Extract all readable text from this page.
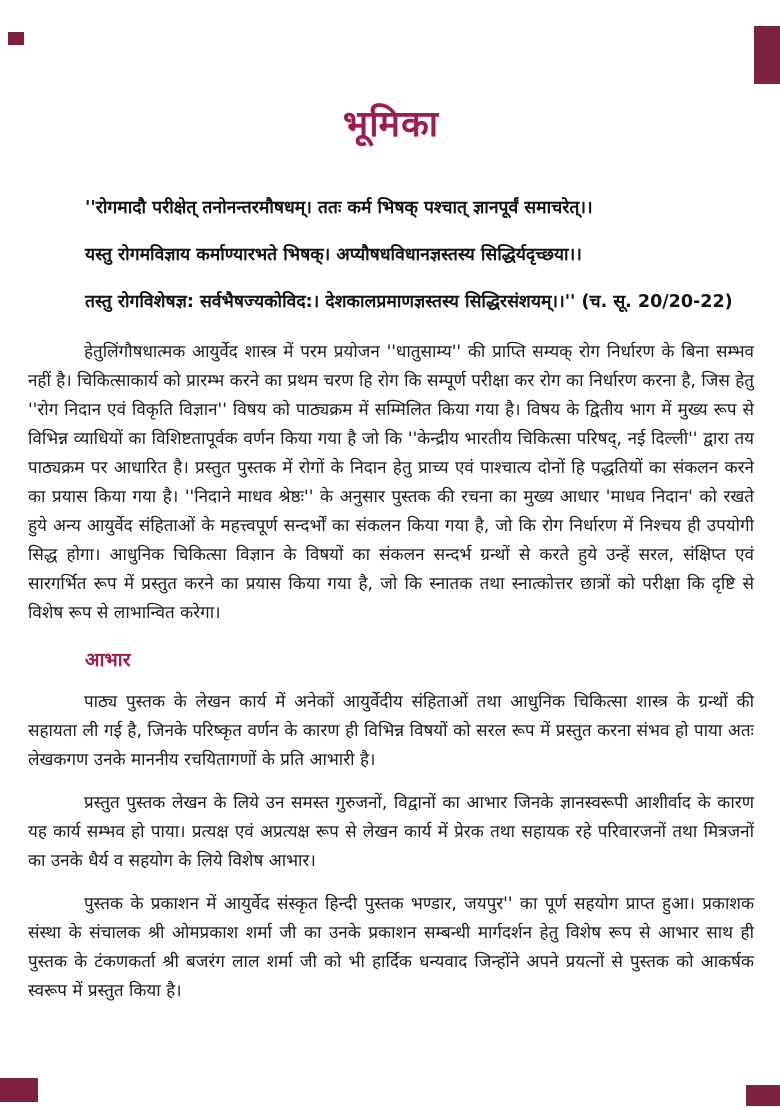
भूमिका

''रोगमादौ परीक्षेत् तनोनन्तरमौषधम्। ततः कर्म भिषक् पश्चात् ज्ञानपूर्वं समाचरेत्।।

यस्तु रोगमविज्ञाय कर्माण्यारभते भिषक्। अप्यौषधविधानज्ञस्तस्य सिद्धिर्यदृच्छया।।

तस्तु रोगविशेषज्ञ: सर्वभैषज्यकोविद:। देशकालप्रमाणज्ञस्तस्य सिद्धिरसंशयम्।।'' (च. सू. 20/20-22)

हेतुलिंगौषधात्मक आयुर्वेद शास्त्र में परम प्रयोजन ''धातुसाम्य'' की प्राप्ति सम्यक् रोग निर्धारण के बिना सम्भव नहीं है। चिकित्साकार्य को प्रारम्भ करने का प्रथम चरण हि रोग कि सम्पूर्ण परीक्षा कर रोग का निर्धारण करना है, जिस हेतु ''रोग निदान एवं विकृति विज्ञान'' विषय को पाठ्यक्रम में सम्मिलित किया गया है। विषय के द्वितीय भाग में मुख्य रूप से विभिन्न व्याधियों का विशिष्टतापूर्वक वर्णन किया गया है जो कि ''केन्द्रीय भारतीय चिकित्सा परिषद्, नई दिल्ली'' द्वारा तय पाठ्यक्रम पर आधारित है। प्रस्तुत पुस्तक में रोगों के निदान हेतु प्राच्य एवं पाश्चात्य दोनों हि पद्धतियों का संकलन करने का प्रयास किया गया है। ''निदाने माधव श्रेष्ठः'' के अनुसार पुस्तक की रचना का मुख्य आधार 'माधव निदान' को रखते हुये अन्य आयुर्वेद संहिताओं के महत्त्वपूर्ण सन्दर्भों का संकलन किया गया है, जो कि रोग निर्धारण में निश्चय ही उपयोगी सिद्ध होगा। आधुनिक चिकित्सा विज्ञान के विषयों का संकलन सन्दर्भ ग्रन्थों से करते हुये उन्हें सरल, संक्षिप्त एवं सारगर्भित रूप में प्रस्तुत करने का प्रयास किया गया है, जो कि स्नातक तथा स्नात्कोत्तर छात्रों को परीक्षा कि दृष्टि से विशेष रूप से लाभान्वित करेगा।

आभार

पाठ्य पुस्तक के लेखन कार्य में अनेकों आयुर्वेदीय संहिताओं तथा आधुनिक चिकित्सा शास्त्र के ग्रन्थों की सहायता ली गई है, जिनके परिष्कृत वर्णन के कारण ही विभिन्न विषयों को सरल रूप में प्रस्तुत करना संभव हो पाया अतः लेखकगण उनके माननीय रचयितागणों के प्रति आभारी है।

प्रस्तुत पुस्तक लेखन के लिये उन समस्त गुरुजनों, विद्वानों का आभार जिनके ज्ञानस्वरूपी आशीर्वाद के कारण यह कार्य सम्भव हो पाया। प्रत्यक्ष एवं अप्रत्यक्ष रूप से लेखन कार्य में प्रेरक तथा सहायक रहे परिवारजनों तथा मित्रजनों का उनके धैर्य व सहयोग के लिये विशेष आभार।

पुस्तक के प्रकाशन में आयुर्वेद संस्कृत हिन्दी पुस्तक भण्डार, जयपुर'' का पूर्ण सहयोग प्राप्त हुआ। प्रकाशक संस्था के संचालक श्री ओमप्रकाश शर्मा जी का उनके प्रकाशन सम्बन्धी मार्गदर्शन हेतु विशेष रूप से आभार साथ ही पुस्तक के टंकणकर्ता श्री बजरंग लाल शर्मा जी को भी हार्दिक धन्यवाद जिन्होंने अपने प्रयत्नों से पुस्तक को आकर्षक स्वरूप में प्रस्तुत किया है।
